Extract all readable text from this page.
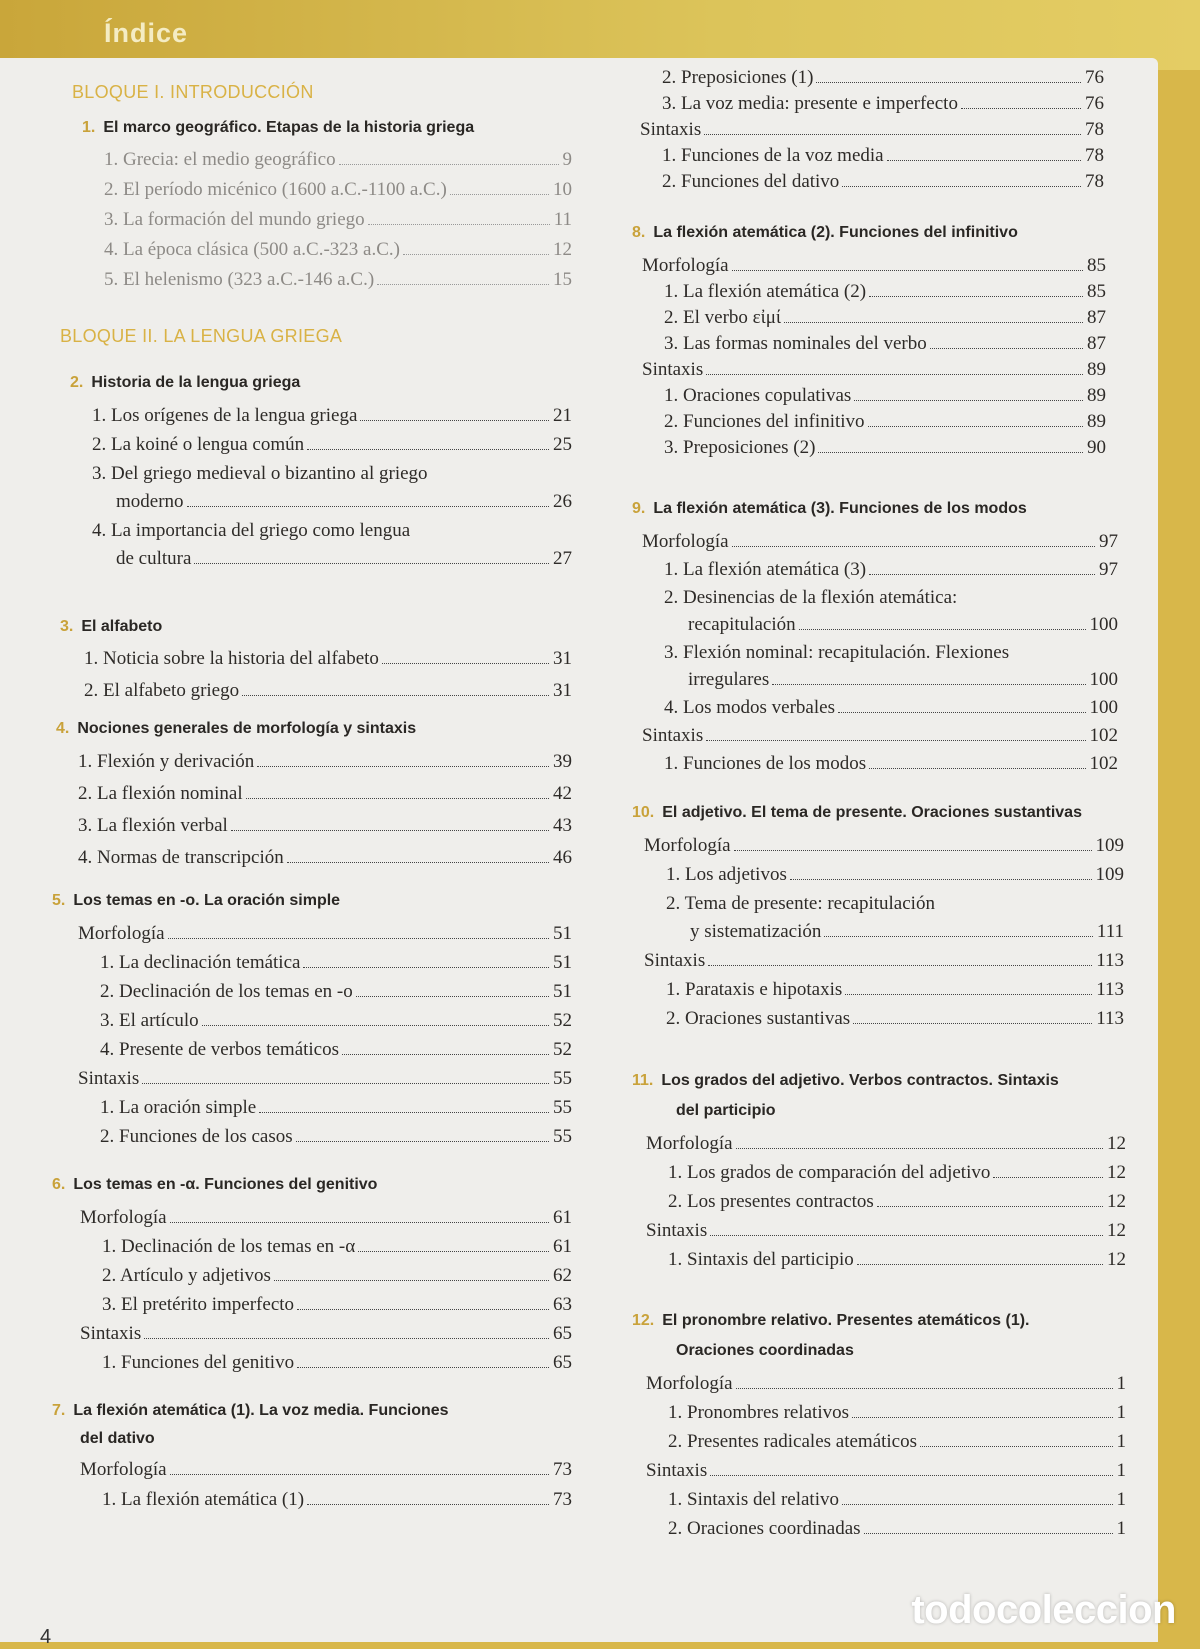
Índice
BLOQUE I. INTRODUCCIÓN
1. El marco geográfico. Etapas de la historia griega
1. Grecia: el medio geográfico	9
2. El período micénico (1600 a.C.-1100 a.C.)	10
3. La formación del mundo griego	11
4. La época clásica (500 a.C.-323 a.C.)	12
5. El helenismo (323 a.C.-146 a.C.)	15
BLOQUE II. LA LENGUA GRIEGA
2. Historia de la lengua griega
1. Los orígenes de la lengua griega	21
2. La koiné o lengua común	25
3. Del griego medieval o bizantino al griego
moderno	26
4. La importancia del griego como lengua
de cultura	27
3. El alfabeto
1. Noticia sobre la historia del alfabeto	31
2. El alfabeto griego	31
4. Nociones generales de morfología y sintaxis
1. Flexión y derivación	39
2. La flexión nominal	42
3. La flexión verbal	43
4. Normas de transcripción	46
5. Los temas en -ο. La oración simple
Morfología	51
1. La declinación temática	51
2. Declinación de los temas en -ο	51
3. El artículo	52
4. Presente de verbos temáticos	52
Sintaxis	55
1. La oración simple	55
2. Funciones de los casos	55
6. Los temas en -α. Funciones del genitivo
Morfología	61
1. Declinación de los temas en -α	61
2. Artículo y adjetivos	62
3. El pretérito imperfecto	63
Sintaxis	65
1. Funciones del genitivo	65
7. La flexión atemática (1). La voz media. Funciones
del dativo
Morfología	73
1. La flexión atemática (1)	73
2. Preposiciones (1)	76
3. La voz media: presente e imperfecto	76
Sintaxis	78
1. Funciones de la voz media	78
2. Funciones del dativo	78
8. La flexión atemática (2). Funciones del infinitivo
Morfología	85
1. La flexión atemática (2)	85
2. El verbo εἰμί	87
3. Las formas nominales del verbo	87
Sintaxis	89
1. Oraciones copulativas	89
2. Funciones del infinitivo	89
3. Preposiciones (2)	90
9. La flexión atemática (3). Funciones de los modos
Morfología	97
1. La flexión atemática (3)	97
2. Desinencias de la flexión atemática:
recapitulación	100
3. Flexión nominal: recapitulación. Flexiones
irregulares	100
4. Los modos verbales	100
Sintaxis	102
1. Funciones de los modos	102
10. El adjetivo. El tema de presente. Oraciones sustantivas
Morfología	109
1. Los adjetivos	109
2. Tema de presente: recapitulación
y sistematización	111
Sintaxis	113
1. Parataxis e hipotaxis	113
2. Oraciones sustantivas	113
11. Los grados del adjetivo. Verbos contractos. Sintaxis
del participio
Morfología	12
1. Los grados de comparación del adjetivo	12
2. Los presentes contractos	12
Sintaxis	12
1. Sintaxis del participio	12
12. El pronombre relativo. Presentes atemáticos (1).
Oraciones coordinadas
Morfología	1
1. Pronombres relativos	1
2. Presentes radicales atemáticos	1
Sintaxis	1
1. Sintaxis del relativo	1
2. Oraciones coordinadas	1
4
todocoleccion
